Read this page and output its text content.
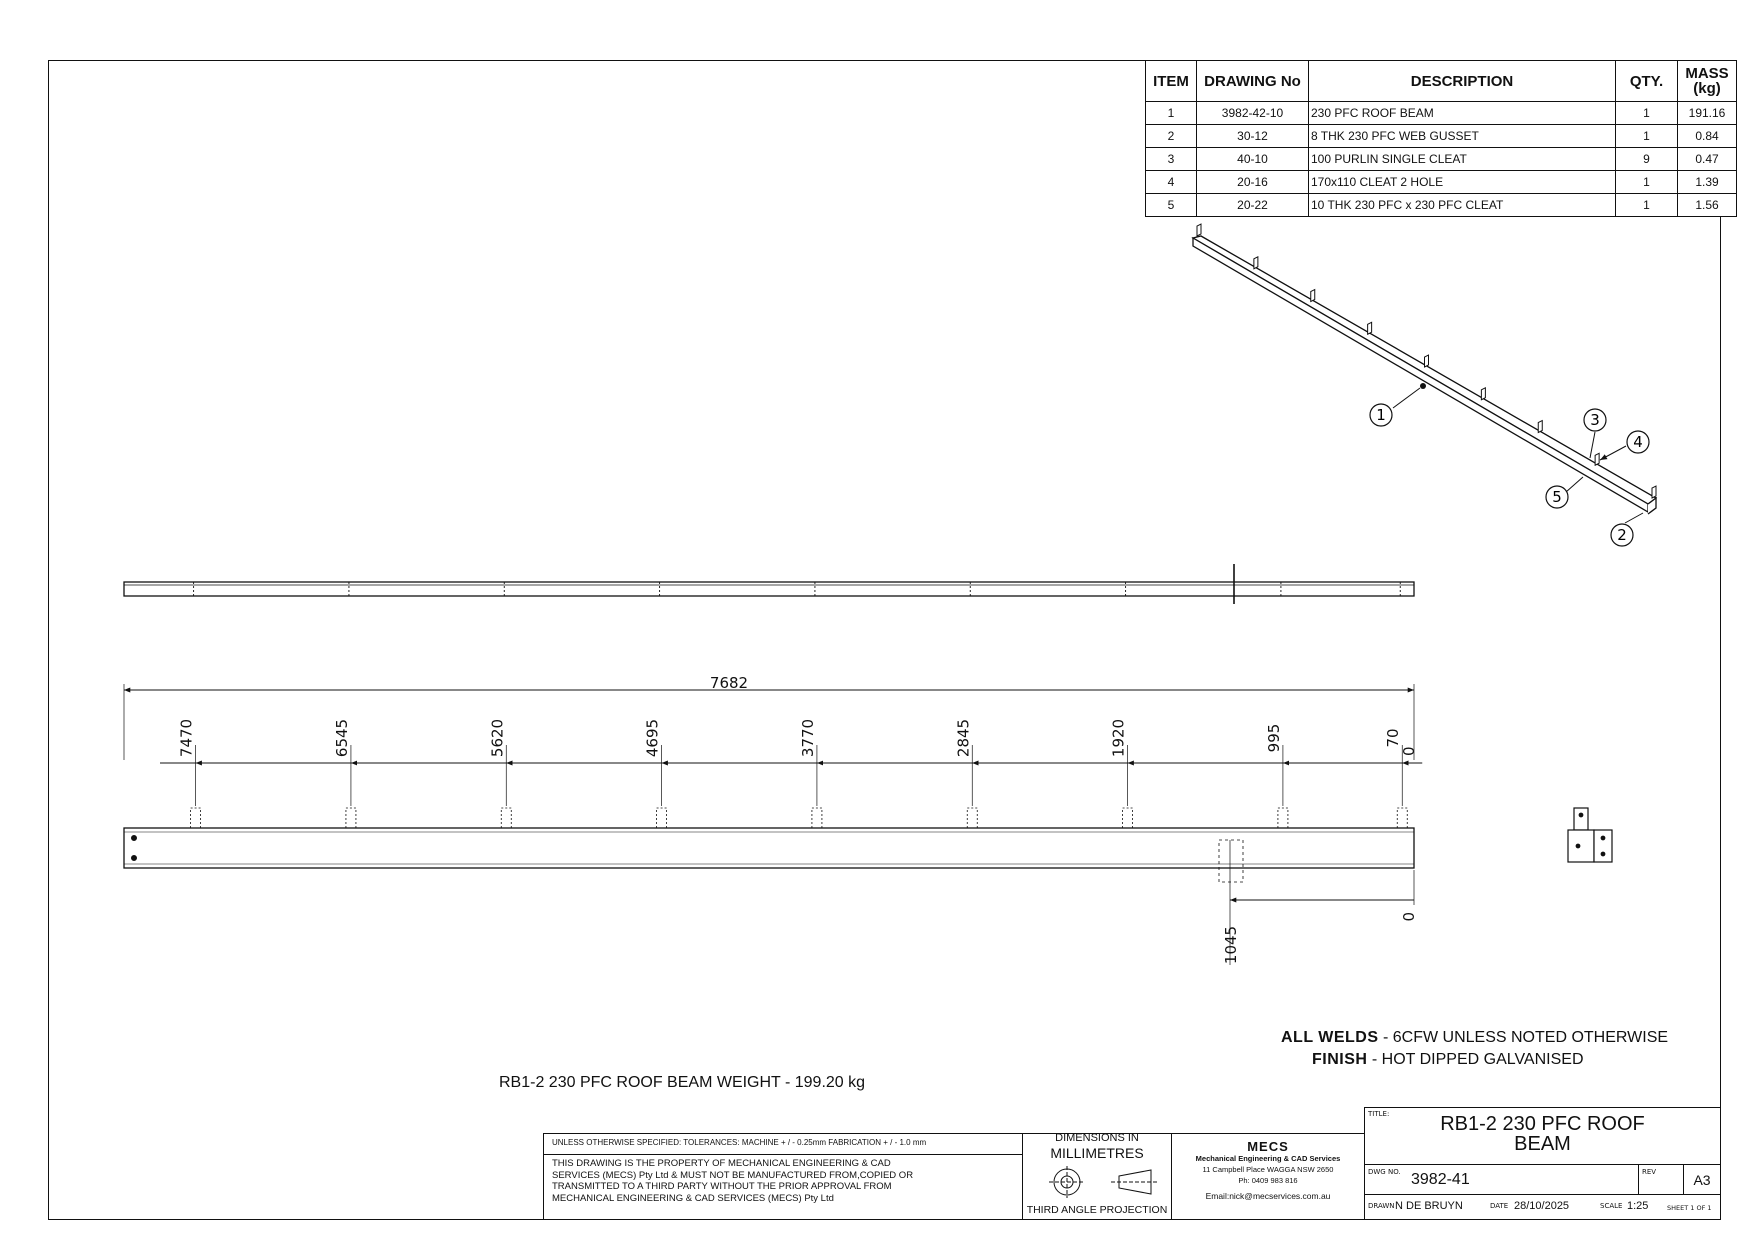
ITEM	DRAWING No	DESCRIPTION	QTY.	MASS (kg)
1	3982-42-10	230 PFC ROOF BEAM	1	191.16
2	30-12	8 THK 230 PFC WEB GUSSET	1	0.84
3	40-10	100 PURLIN SINGLE CLEAT	9	0.47
4	20-16	170x110 CLEAT 2 HOLE	1	1.39
5	20-22	10 THK 230 PFC x 230 PFC CLEAT	1	1.56
1	3
4
5
2
7682
0
7470	6545	5620	4695	3770	2845	1920	995	70
1045
0
ALL WELDS - 6CFW UNLESS NOTED OTHERWISE
FINISH - HOT DIPPED GALVANISED
RB1-2 230 PFC ROOF BEAM WEIGHT - 199.20 kg
UNLESS OTHERWISE SPECIFIED: TOLERANCES: MACHINE + / - 0.25mm FABRICATION + / - 1.0 mm
THIS DRAWING IS THE PROPERTY OF MECHANICAL ENGINEERING & CAD
SERVICES (MECS) Pty Ltd & MUST NOT BE MANUFACTURED FROM,COPIED OR
TRANSMITTED TO A THIRD PARTY WITHOUT THE PRIOR APPROVAL FROM
MECHANICAL ENGINEERING & CAD SERVICES (MECS) Pty Ltd
DIMENSIONS IN
MILLIMETRES
THIRD ANGLE PROJECTION
MECS
Mechanical Engineering & CAD Services
11 Campbell Place WAGGA NSW 2650
Ph: 0409 983 816
Email:nick@mecservices.com.au
TITLE:	RB1-2 230 PFC ROOF
BEAM
DWG NO. 3982-41	REV	A3
DRAWN N DE BRUYN	DATE 28/10/2025	SCALE 1:25	SHEET 1 OF 1
